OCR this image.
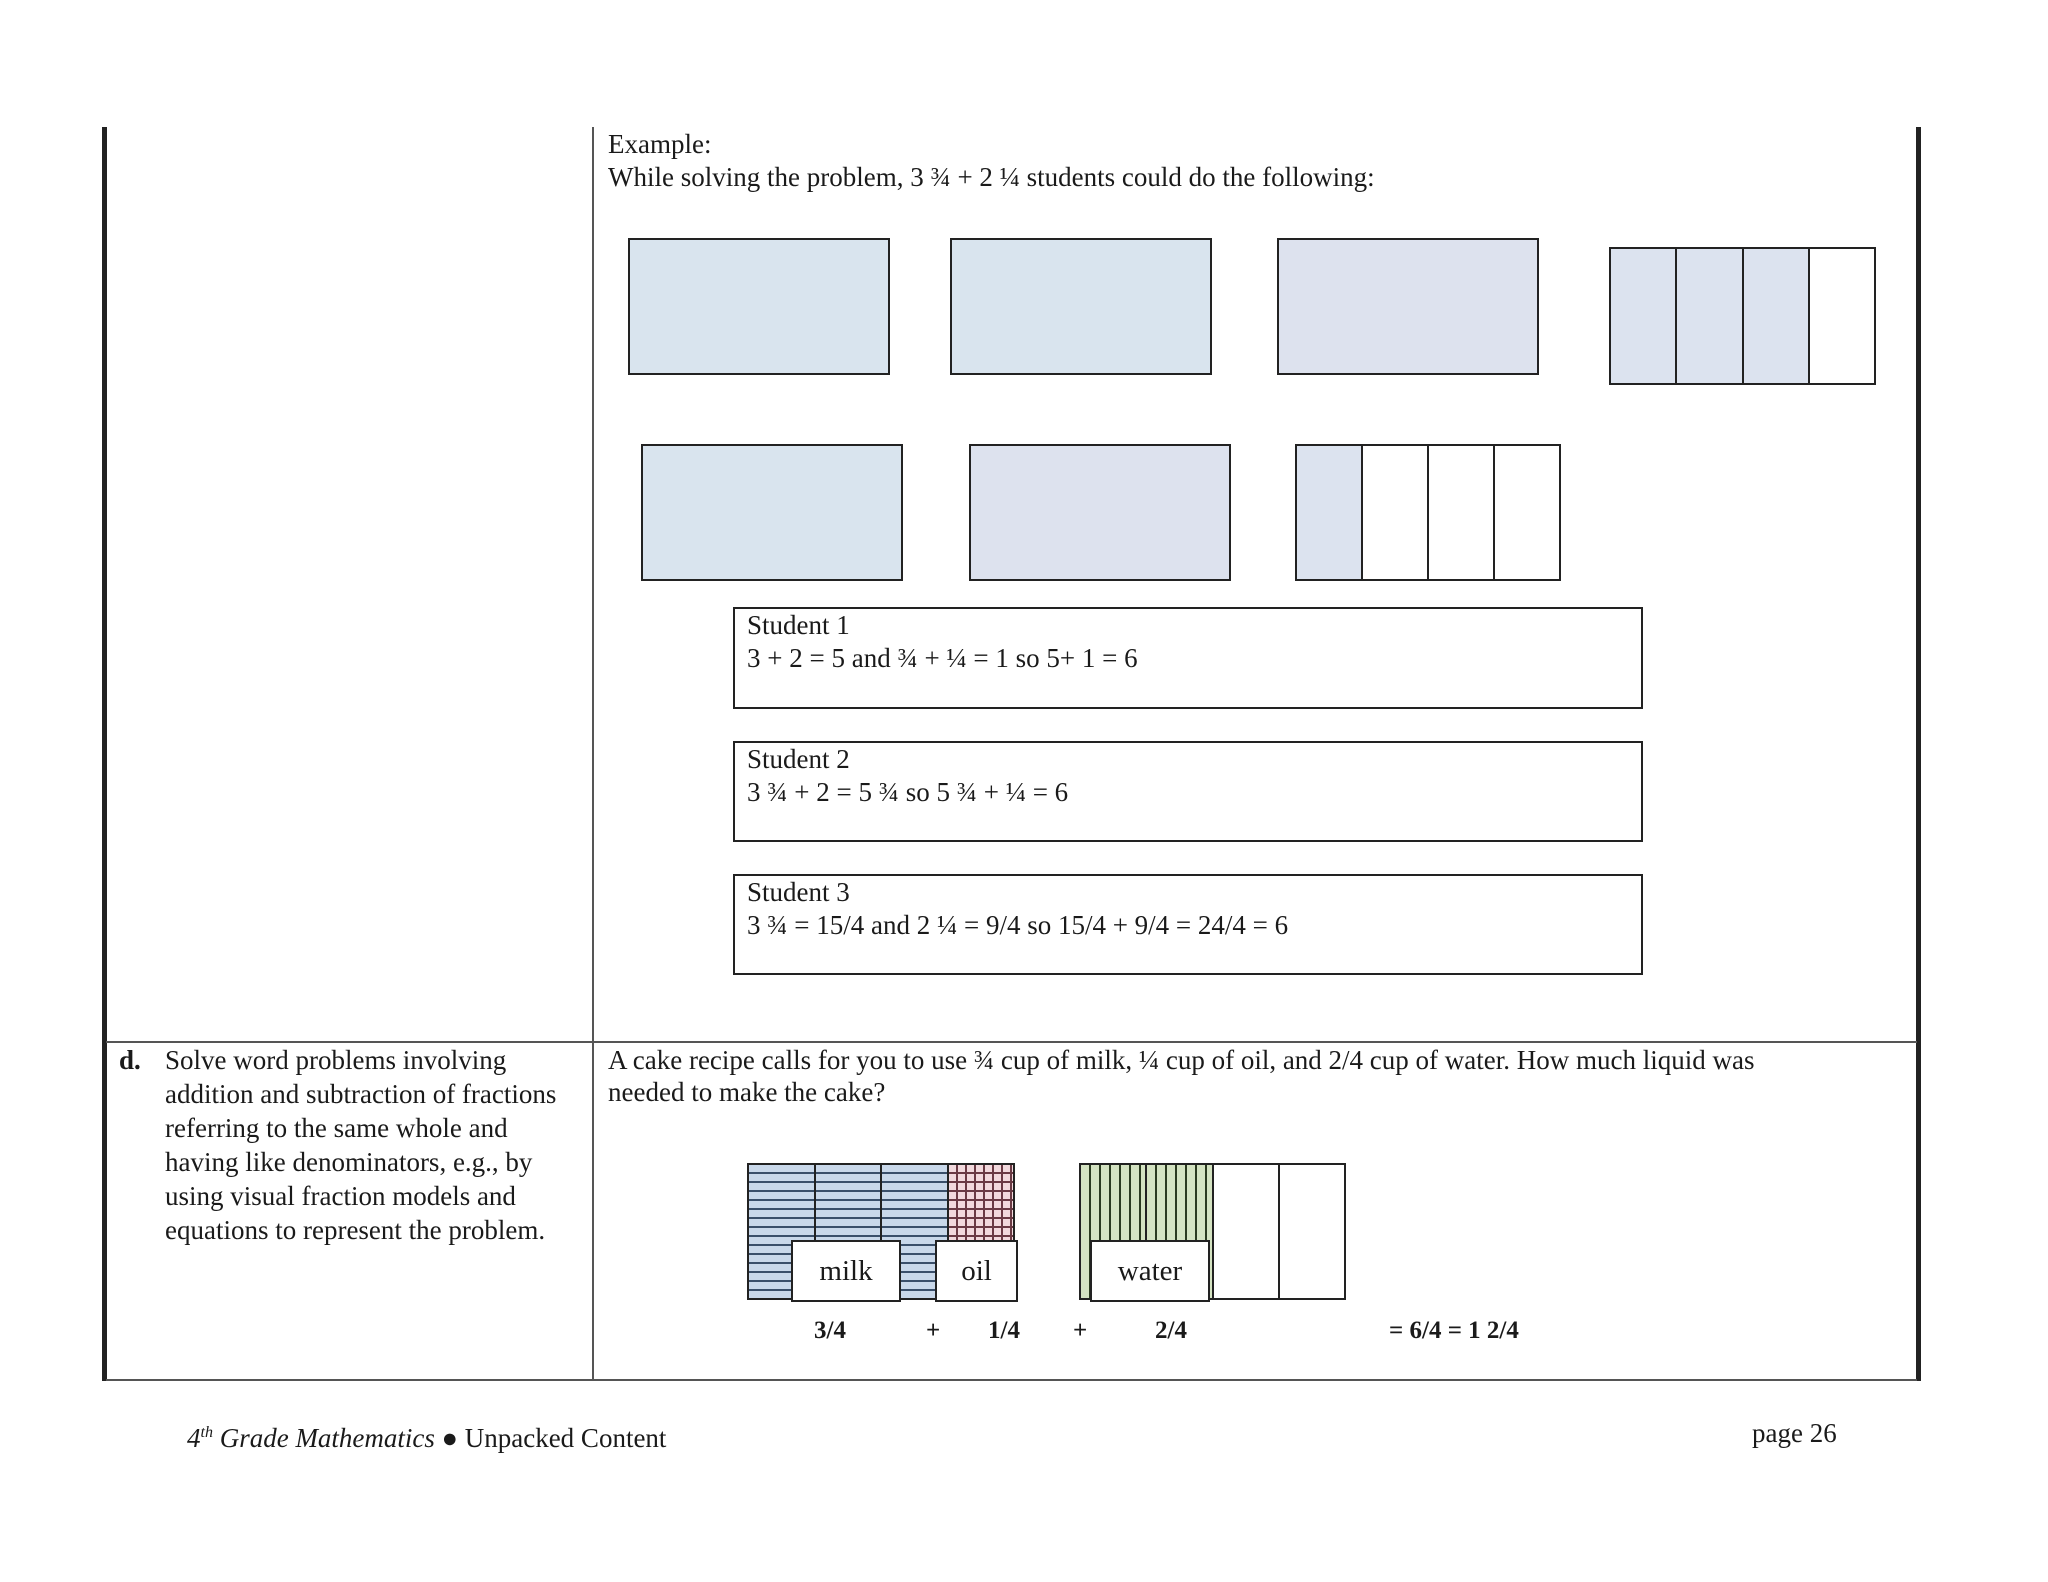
Example:
While solving the problem, 3 ¾ + 2 ¼ students could do the following:
Student 1
3 + 2 = 5 and ¾ + ¼ = 1 so 5+ 1 = 6
Student 2
3 ¾ + 2 = 5 ¾ so 5 ¾ + ¼ = 6
Student 3
3 ¾ = 15/4 and 2 ¼ = 9/4 so 15/4 + 9/4 = 24/4 = 6
d. Solve word problems involving
addition and subtraction of fractions
referring to the same whole and
having like denominators, e.g., by
using visual fraction models and
equations to represent the problem.
A cake recipe calls for you to use ¾ cup of milk, ¼ cup of oil, and 2/4 cup of water. How much liquid was
needed to make the cake?
milk	oil	water
3/4	+ 1/4 +	2/4	= 6/4 = 1 2/4
4th Grade Mathematics ● Unpacked Content	page 26
